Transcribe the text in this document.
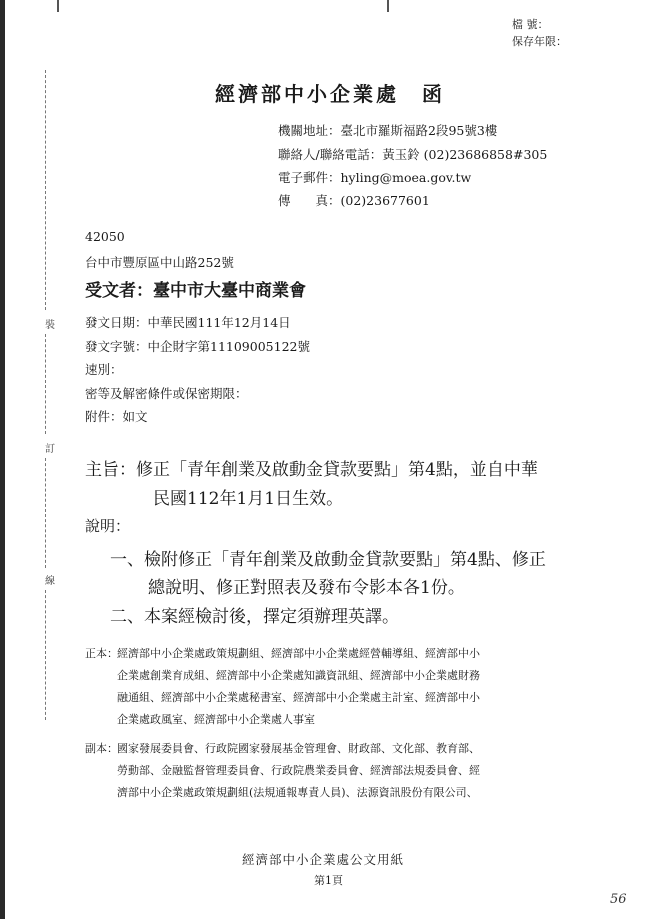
裝
訂
線
檔 號：
保存年限：
經濟部中小企業處　函
機關地址：臺北市羅斯福路2段95號3樓
聯絡人/聯絡電話：黃玉鈴 (02)23686858#305
電子郵件：hyling@moea.gov.tw
傳　　真：(02)23677601
42050
台中市豐原區中山路252號
受文者：臺中市大臺中商業會
發文日期：中華民國111年12月14日
發文字號：中企財字第11109005122號
速別：
密等及解密條件或保密期限：
附件：如文
主旨：修正「青年創業及啟動金貸款要點」第4點，並自中華
民國112年1月1日生效。
說明：
一、檢附修正「青年創業及啟動金貸款要點」第4點、修正
總說明、修正對照表及發布令影本各1份。
二、本案經檢討後，擇定須辦理英譯。
正本： 經濟部中小企業處政策規劃組、經濟部中小企業處經營輔導組、經濟部中小
企業處創業育成組、經濟部中小企業處知識資訊組、經濟部中小企業處財務
融通組、經濟部中小企業處秘書室、經濟部中小企業處主計室、經濟部中小
企業處政風室、經濟部中小企業處人事室
副本： 國家發展委員會、行政院國家發展基金管理會、財政部、文化部、教育部、
勞動部、金融監督管理委員會、行政院農業委員會、經濟部法規委員會、經
濟部中小企業處政策規劃組(法規通報專責人員)、法源資訊股份有限公司、
經濟部中小企業處公文用紙
第1頁
56
